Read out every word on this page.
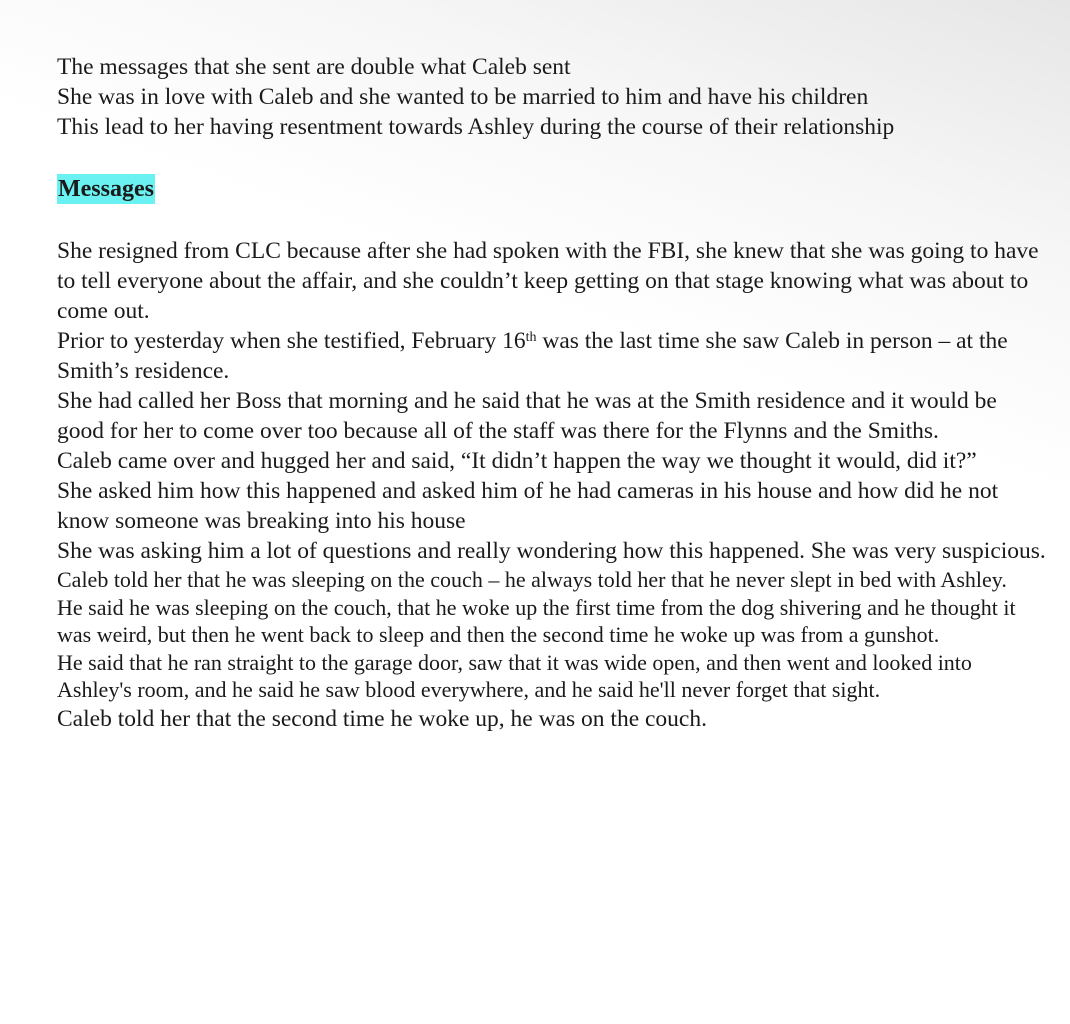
The messages that she sent are double what Caleb sent

She was in love with Caleb and she wanted to be married to him and have his children

This lead to her having resentment towards Ashley during the course of their relationship

Messages

She resigned from CLC because after she had spoken with the FBI, she knew that she was going to have to tell everyone about the affair, and she couldn’t keep getting on that stage knowing what was about to come out.

Prior to yesterday when she testified, February 16th was the last time she saw Caleb in person – at the Smith’s residence.

She had called her Boss that morning and he said that he was at the Smith residence and it would be good for her to come over too because all of the staff was there for the Flynns and the Smiths.

Caleb came over and hugged her and said, “It didn’t happen the way we thought it would, did it?”

She asked him how this happened and asked him of he had cameras in his house and how did he not know someone was breaking into his house

She was asking him a lot of questions and really wondering how this happened. She was very suspicious.

Caleb told her that he was sleeping on the couch – he always told her that he never slept in bed with Ashley.

He said he was sleeping on the couch, that he woke up the first time from the dog shivering and he thought it was weird, but then he went back to sleep and then the second time he woke up was from a gunshot.

He said that he ran straight to the garage door, saw that it was wide open, and then went and looked into Ashley's room, and he said he saw blood everywhere, and he said he'll never forget that sight.

Caleb told her that the second time he woke up, he was on the couch.
